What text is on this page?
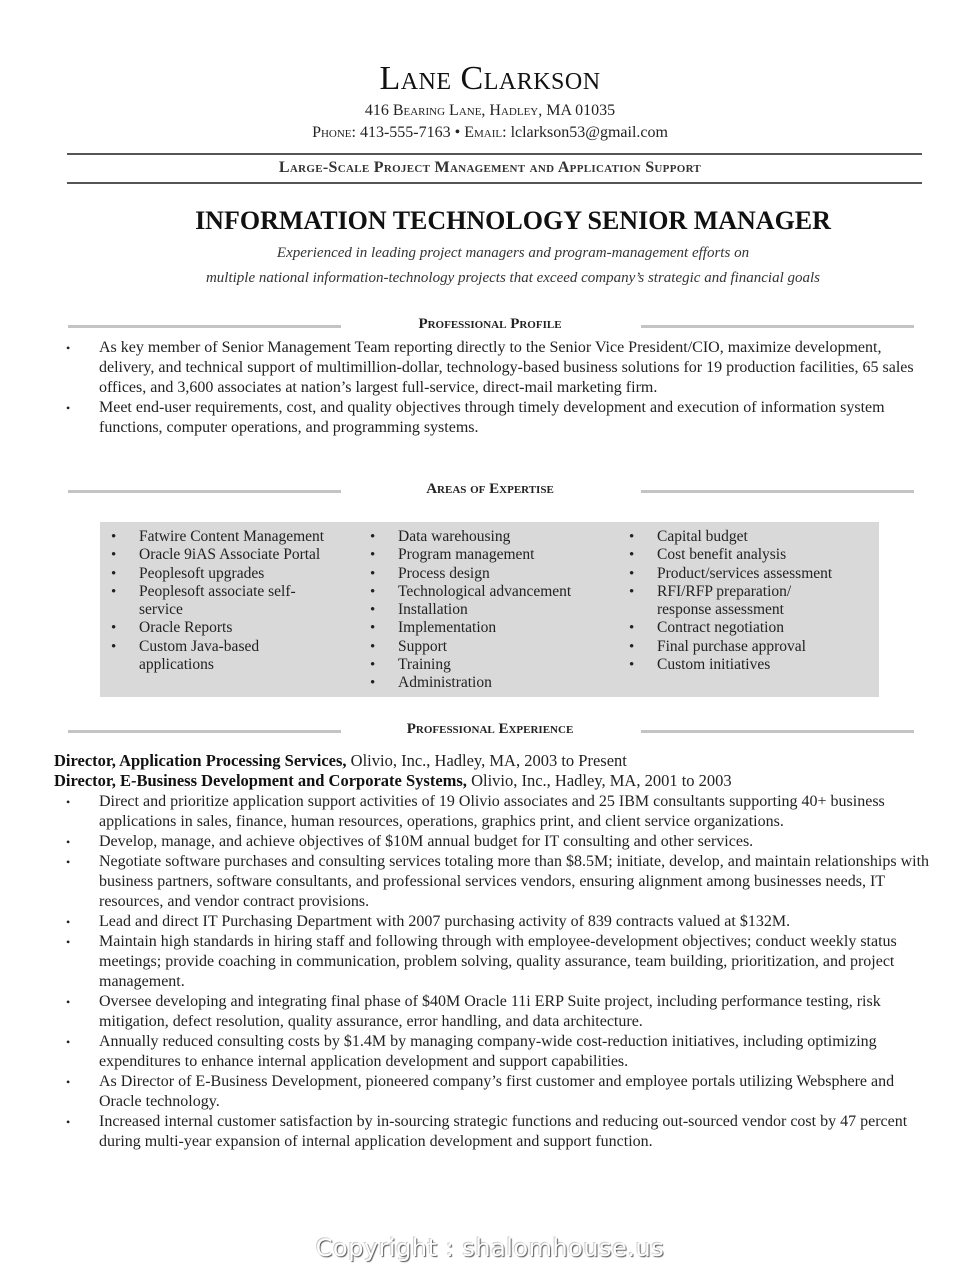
Lane Clarkson
416 Bearing Lane, Hadley, MA 01035
Phone: 413-555-7163 • Email: lclarkson53@gmail.com
Large-Scale Project Management and Application Support
INFORMATION TECHNOLOGY SENIOR MANAGER
Experienced in leading project managers and program-management efforts on
multiple national information-technology projects that exceed company’s strategic and financial goals
Professional Profile
• As key member of Senior Management Team reporting directly to the Senior Vice President/CIO, maximize development, delivery, and technical support of multimillion-dollar, technology-based business solutions for 19 production facilities, 65 sales offices, and 3,600 associates at nation’s largest full-service, direct-mail marketing firm.
• Meet end-user requirements, cost, and quality objectives through timely development and execution of information system functions, computer operations, and programming systems.
Areas of Expertise
• Fatwire Content Management
• Oracle 9iAS Associate Portal
• Peoplesoft upgrades
• Peoplesoft associate self-service
• Oracle Reports
• Custom Java-based applications
• Data warehousing
• Program management
• Process design
• Technological advancement
• Installation
• Implementation
• Support
• Training
• Administration
• Capital budget
• Cost benefit analysis
• Product/services assessment
• RFI/RFP preparation/ response assessment
• Contract negotiation
• Final purchase approval
• Custom initiatives
Professional Experience
Director, Application Processing Services, Olivio, Inc., Hadley, MA, 2003 to Present
Director, E-Business Development and Corporate Systems, Olivio, Inc., Hadley, MA, 2001 to 2003
• Direct and prioritize application support activities of 19 Olivio associates and 25 IBM consultants supporting 40+ business applications in sales, finance, human resources, operations, graphics print, and client service organizations.
• Develop, manage, and achieve objectives of $10M annual budget for IT consulting and other services.
• Negotiate software purchases and consulting services totaling more than $8.5M; initiate, develop, and maintain relationships with business partners, software consultants, and professional services vendors, ensuring alignment among businesses needs, IT resources, and vendor contract provisions.
• Lead and direct IT Purchasing Department with 2007 purchasing activity of 839 contracts valued at $132M.
• Maintain high standards in hiring staff and following through with employee-development objectives; conduct weekly status meetings; provide coaching in communication, problem solving, quality assurance, team building, prioritization, and project management.
• Oversee developing and integrating final phase of $40M Oracle 11i ERP Suite project, including performance testing, risk mitigation, defect resolution, quality assurance, error handling, and data architecture.
• Annually reduced consulting costs by $1.4M by managing company-wide cost-reduction initiatives, including optimizing expenditures to enhance internal application development and support capabilities.
• As Director of E-Business Development, pioneered company’s first customer and employee portals utilizing Websphere and Oracle technology.
• Increased internal customer satisfaction by in-sourcing strategic functions and reducing out-sourced vendor cost by 47 percent during multi-year expansion of internal application development and support function.
Copyright : shalomhouse.us
